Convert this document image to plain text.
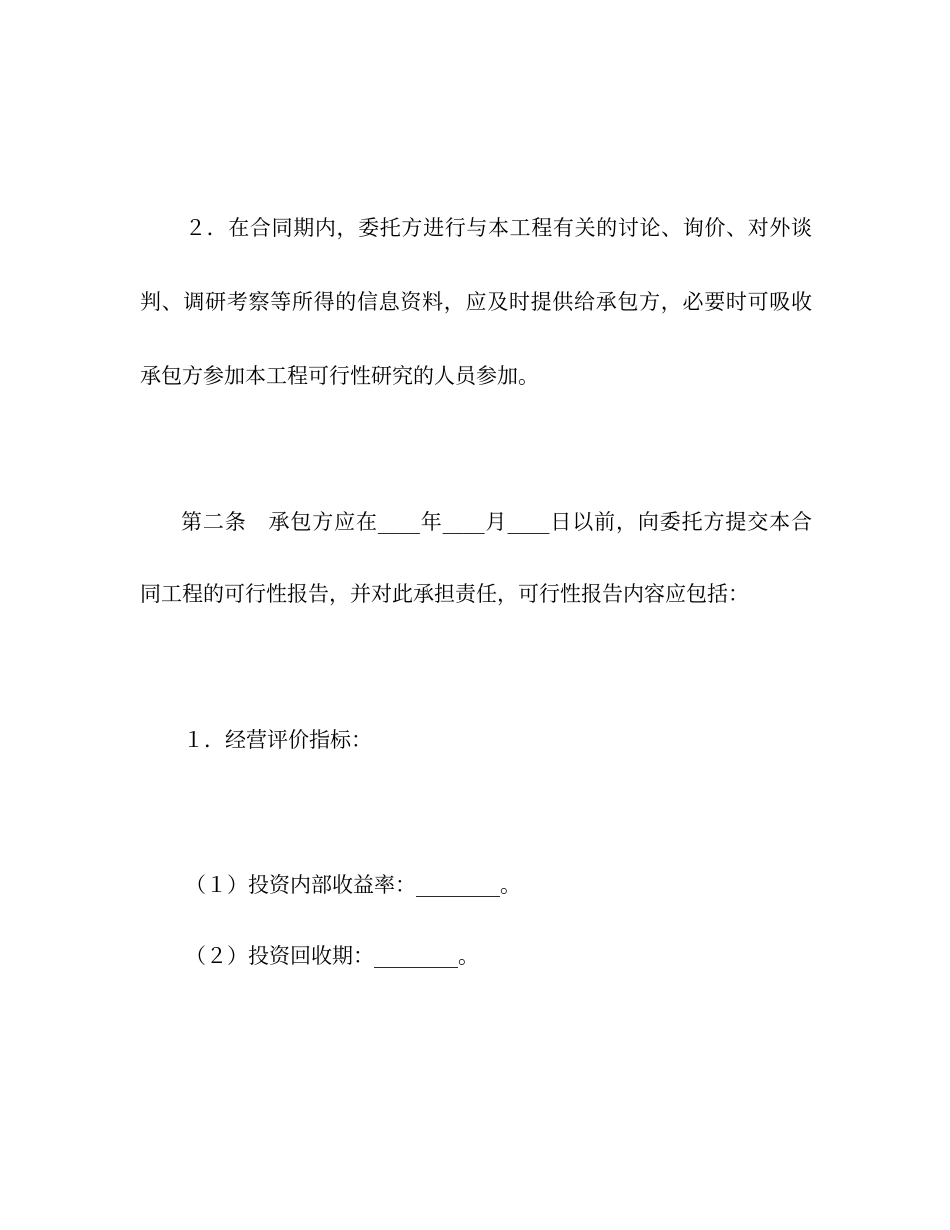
２．在合同期内，委托方进行与本工程有关的讨论、询价、对外谈
判、调研考察等所得的信息资料，应及时提供给承包方，必要时可吸收
承包方参加本工程可行性研究的人员参加。
第二条　承包方应在____年____月____日以前，向委托方提交本合
同工程的可行性报告，并对此承担责任，可行性报告内容应包括：
１．经营评价指标：
（１）投资内部收益率：________。
（２）投资回收期：________。
